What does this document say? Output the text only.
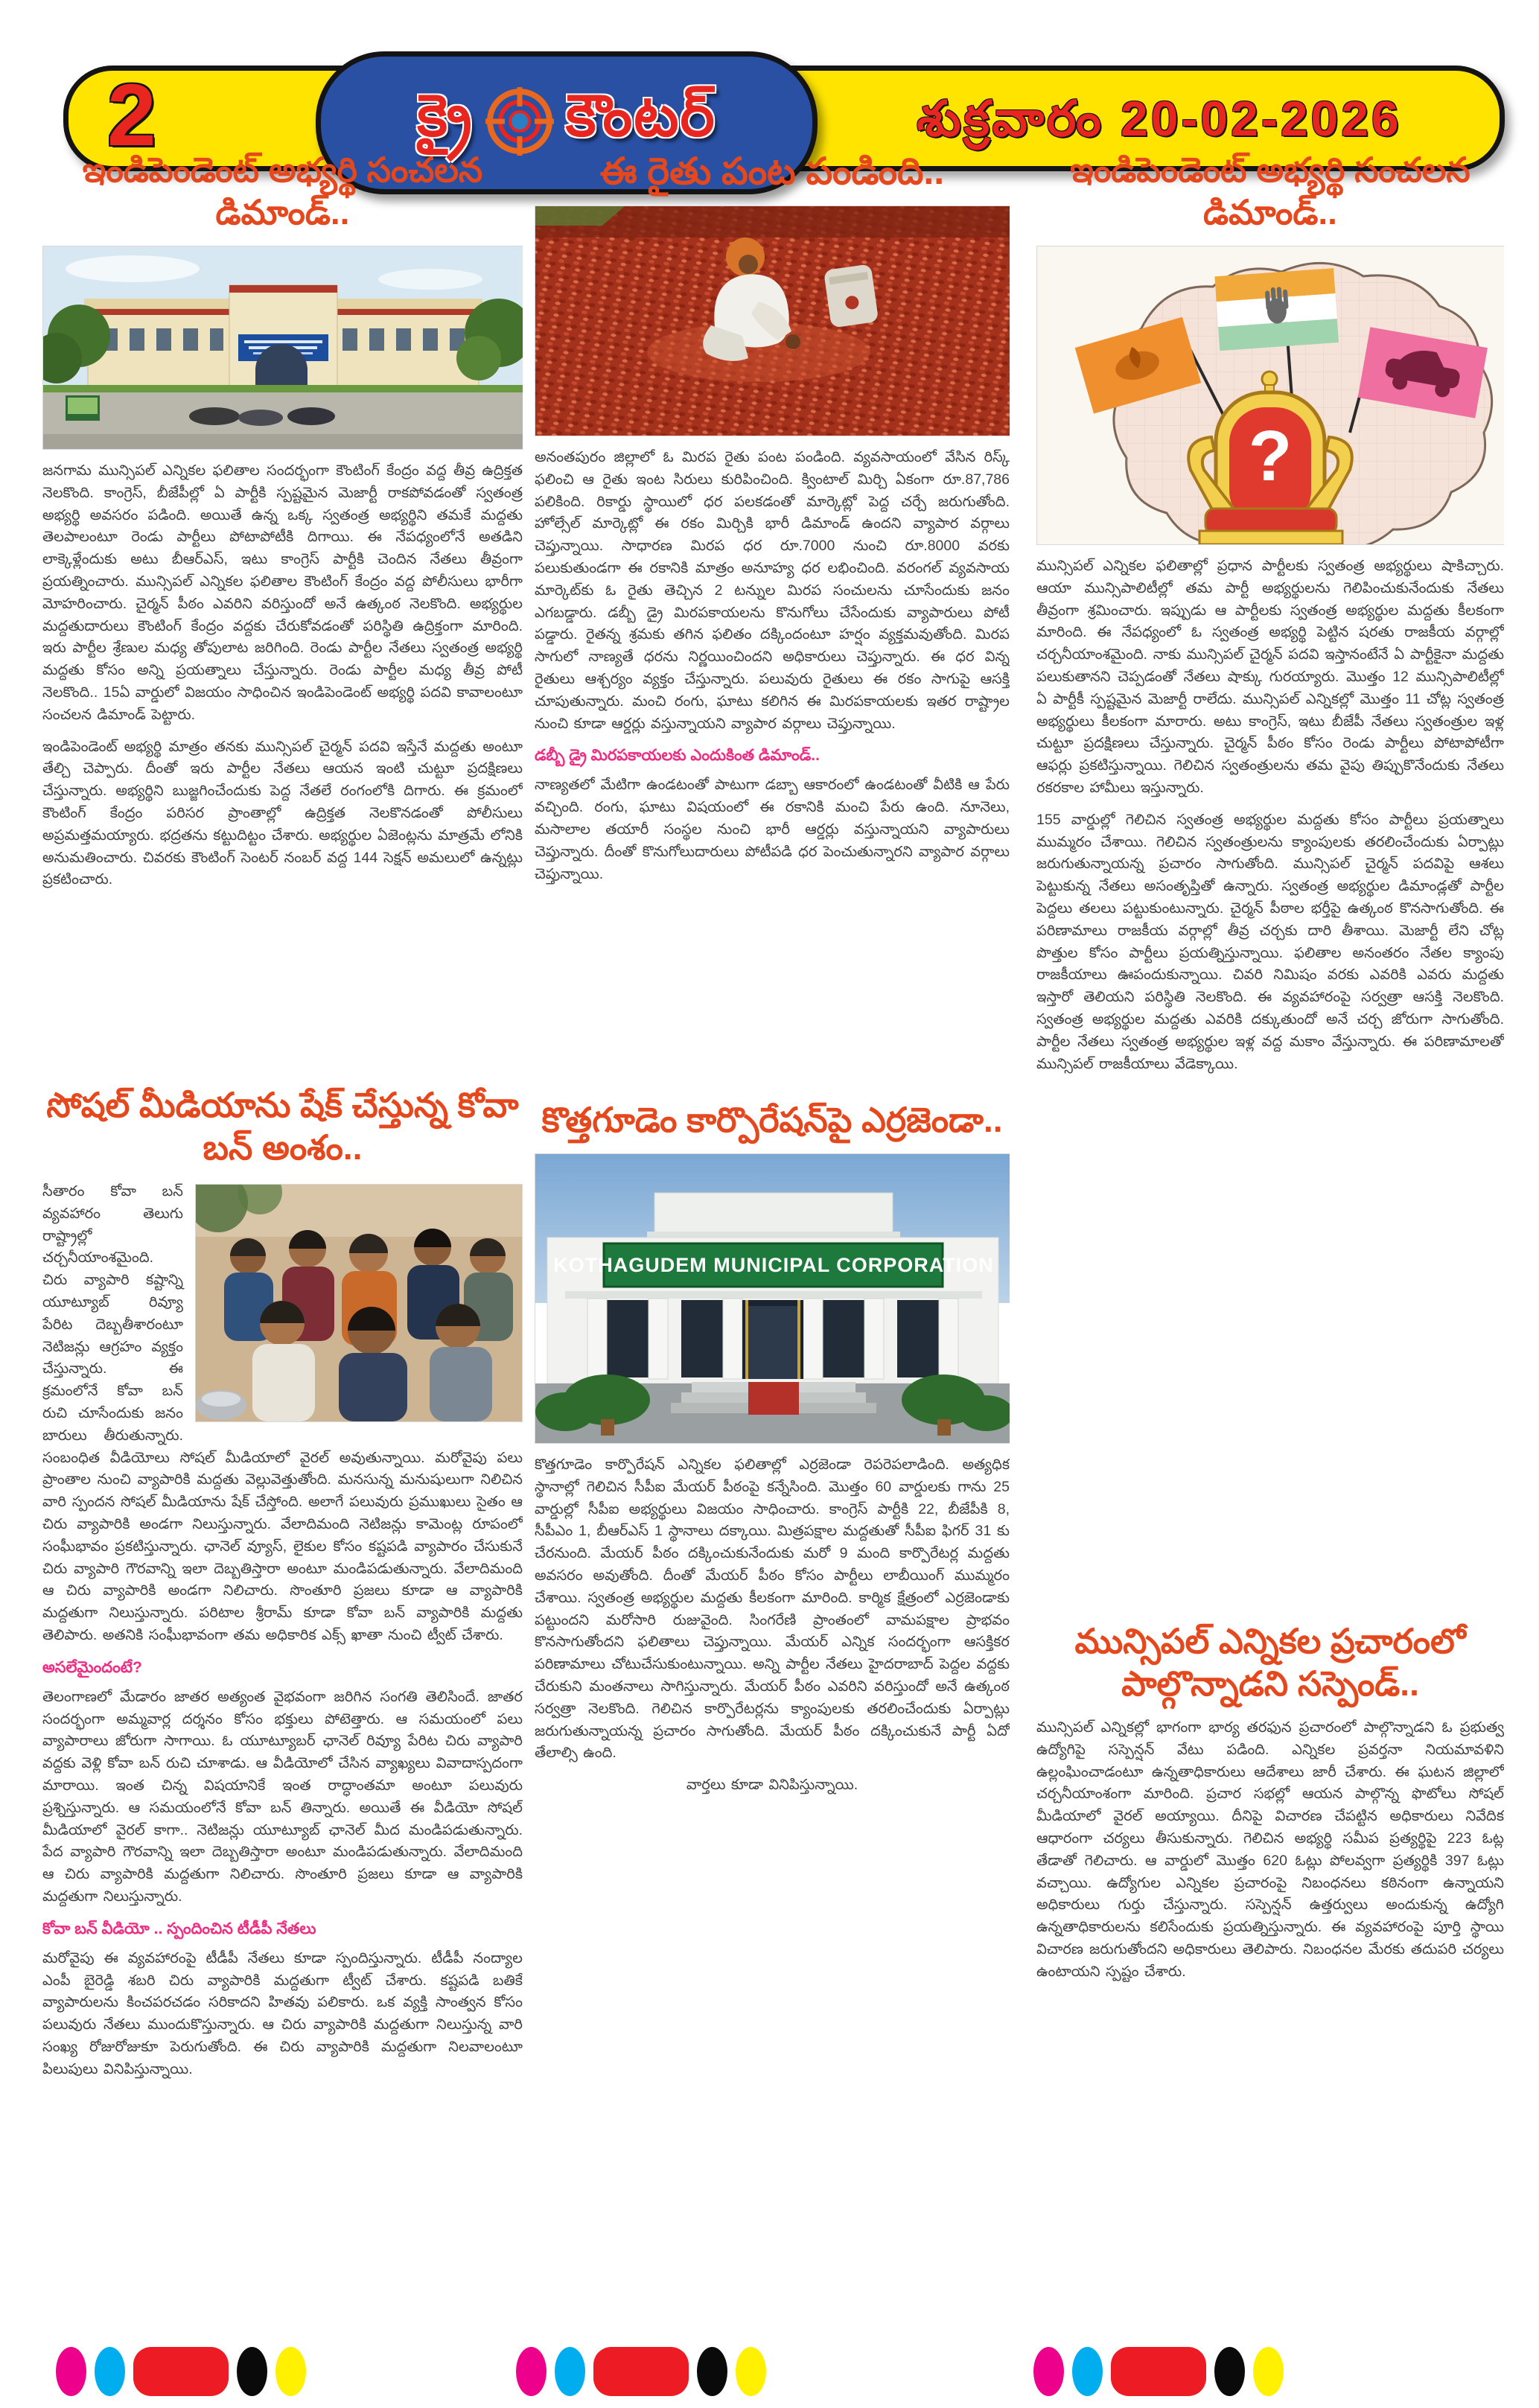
2	శుక్రవారం 20-02-2026
క్రై కౌంటర్
ఇండిపెండెంట్ అభ్యర్థి సంచలన డిమాండ్..

జనగామ మున్సిపల్ ఎన్నికల ఫలితాల సందర్భంగా కౌంటింగ్ కేంద్రం వద్ద తీవ్ర ఉద్రిక్తత నెలకొంది. కాంగ్రెస్, బీజేపీల్లో ఏ పార్టీకి స్పష్టమైన మెజార్టీ రాకపోవడంతో స్వతంత్ర అభ్యర్థి అవసరం పడింది. అయితే ఉన్న ఒక్క స్వతంత్ర అభ్యర్థిని తమకే మద్దతు తెలపాలంటూ రెండు పార్టీలు పోటాపోటీకి దిగాయి. ఈ నేపధ్యంలోనే అతడిని లాక్కెళ్లేందుకు అటు బీఆర్ఎస్, ఇటు కాంగ్రెస్ పార్టీకి చెందిన నేతలు తీవ్రంగా ప్రయత్నించారు. మున్సిపల్ ఎన్నికల ఫలితాల కౌంటింగ్ కేంద్రం వద్ద పోలీసులు భారీగా మోహరించారు. చైర్మన్ పీఠం ఎవరిని వరిస్తుందో అనే ఉత్కంఠ నెలకొంది. అభ్యర్థుల మద్దతుదారులు కౌంటింగ్ కేంద్రం వద్దకు చేరుకోవడంతో పరిస్థితి ఉద్రిక్తంగా మారింది. ఇరు పార్టీల శ్రేణుల మధ్య తోపులాట జరిగింది. రెండు పార్టీల నేతలు స్వతంత్ర అభ్యర్థి మద్దతు కోసం అన్ని ప్రయత్నాలు చేస్తున్నారు. రెండు పార్టీల మధ్య తీవ్ర పోటీ నెలకొంది.. 15ఏ వార్డులో విజయం సాధించిన ఇండిపెండెంట్ అభ్యర్థి పదవి కావాలంటూ సంచలన డిమాండ్ పెట్టారు.

ఇండిపెండెంట్ అభ్యర్థి మాత్రం తనకు మున్సిపల్ చైర్మన్ పదవి ఇస్తేనే మద్దతు అంటూ తేల్చి చెప్పారు. దీంతో ఇరు పార్టీల నేతలు ఆయన ఇంటి చుట్టూ ప్రదక్షిణలు చేస్తున్నారు. అభ్యర్థిని బుజ్జగించేందుకు పెద్ద నేతలే రంగంలోకి దిగారు. ఈ క్రమంలో కౌంటింగ్ కేంద్రం పరిసర ప్రాంతాల్లో ఉద్రిక్తత నెలకొనడంతో పోలీసులు అప్రమత్తమయ్యారు. భద్రతను కట్టుదిట్టం చేశారు. అభ్యర్థుల ఏజెంట్లను మాత్రమే లోనికి అనుమతించారు. చివరకు కౌంటింగ్ సెంటర్ నంబర్ వద్ద 144 సెక్షన్ అమలులో ఉన్నట్లు ప్రకటించారు.

సోషల్ మీడియాను షేక్ చేస్తున్న కోవా బన్ అంశం..

సీతారం కోవా బన్ వ్యవహారం తెలుగు రాష్ట్రాల్లో చర్చనీయాంశమైంది. చిరు వ్యాపారి కష్టాన్ని యూట్యూబ్ రివ్యూ పేరిట దెబ్బతీశారంటూ నెటిజన్లు ఆగ్రహం వ్యక్తం చేస్తున్నారు. ఈ క్రమంలోనే కోవా బన్ రుచి చూసేందుకు జనం బారులు తీరుతున్నారు. సంబంధిత వీడియోలు సోషల్ మీడియాలో వైరల్ అవుతున్నాయి. మరోవైపు పలు ప్రాంతాల నుంచి వ్యాపారికి మద్దతు వెల్లువెత్తుతోంది. మనసున్న మనుషులుగా నిలిచిన వారి స్పందన సోషల్ మీడియాను షేక్ చేస్తోంది. అలాగే పలువురు ప్రముఖులు సైతం ఆ చిరు వ్యాపారికి అండగా నిలుస్తున్నారు. వేలాదిమంది నెటిజన్లు కామెంట్ల రూపంలో సంఘీభావం ప్రకటిస్తున్నారు. ఛానెల్ వ్యూస్, లైకుల కోసం కష్టపడి వ్యాపారం చేసుకునే చిరు వ్యాపారి గౌరవాన్ని ఇలా దెబ్బతిస్తారా అంటూ మండిపడుతున్నారు. వేలాదిమంది ఆ చిరు వ్యాపారికి అండగా నిలిచారు. సొంతూరి ప్రజలు కూడా ఆ వ్యాపారికి మద్దతుగా నిలుస్తున్నారు. పరిటాల శ్రీరామ్ కూడా కోవా బన్ వ్యాపారికి మద్దతు తెలిపారు. అతనికి సంఘీభావంగా తమ అధికారిక ఎక్స్ ఖాతా నుంచి ట్వీట్ చేశారు.

అసలేమైందంటే?

తెలంగాణలో మేడారం జాతర అత్యంత వైభవంగా జరిగిన సంగతి తెలిసిందే. జాతర సందర్భంగా అమ్మవార్ల దర్శనం కోసం భక్తులు పోటెత్తారు. ఆ సమయంలో పలు వ్యాపారాలు జోరుగా సాగాయి. ఓ యూట్యూబర్ ఛానెల్ రివ్యూ పేరిట చిరు వ్యాపారి వద్దకు వెళ్లి కోవా బన్ రుచి చూశాడు. ఆ వీడియోలో చేసిన వ్యాఖ్యలు వివాదాస్పదంగా మారాయి. ఇంత చిన్న విషయానికే ఇంత రాద్ధాంతమా అంటూ పలువురు ప్రశ్నిస్తున్నారు. ఆ సమయంలోనే కోవా బన్ తిన్నారు. అయితే ఈ వీడియో సోషల్ మీడియాలో వైరల్ కాగా.. నెటిజన్లు యూట్యూబ్ ఛానెల్ మీద మండిపడుతున్నారు. పేద వ్యాపారి గౌరవాన్ని ఇలా దెబ్బతిస్తారా అంటూ మండిపడుతున్నారు. వేలాదిమంది ఆ చిరు వ్యాపారికి మద్దతుగా నిలిచారు. సొంతూరి ప్రజలు కూడా ఆ వ్యాపారికి మద్దతుగా నిలుస్తున్నారు.

కోవా బన్ వీడియో .. స్పందించిన టీడీపీ నేతలు

మరోవైపు ఈ వ్యవహారంపై టీడీపీ నేతలు కూడా స్పందిస్తున్నారు. టీడీపీ నంద్యాల ఎంపీ బైరెడ్డి శబరి చిరు వ్యాపారికి మద్దతుగా ట్వీట్ చేశారు. కష్టపడి బతికే వ్యాపారులను కించపరచడం సరికాదని హితవు పలికారు. ఒక వ్యక్తి సాంత్వన కోసం పలువురు నేతలు ముందుకొస్తున్నారు. ఆ చిరు వ్యాపారికి మద్దతుగా నిలుస్తున్న వారి సంఖ్య రోజురోజుకూ పెరుగుతోంది. ఈ చిరు వ్యాపారికి మద్దతుగా నిలవాలంటూ పిలుపులు వినిపిస్తున్నాయి.

ఈ రైతు పంట పండింది..

అనంతపురం జిల్లాలో ఓ మిరప రైతు పంట పండింది. వ్యవసాయంలో వేసిన రిస్క్ ఫలించి ఆ రైతు ఇంట సిరులు కురిపించింది. క్వింటాల్ మిర్చి ఏకంగా రూ.87,786 పలికింది. రికార్డు స్థాయిలో ధర పలకడంతో మార్కెట్లో పెద్ద చర్చే జరుగుతోంది. హోల్సేల్ మార్కెట్లో ఈ రకం మిర్చికి భారీ డిమాండ్ ఉందని వ్యాపార వర్గాలు చెప్తున్నాయి. సాధారణ మిరప ధర రూ.7000 నుంచి రూ.8000 వరకు పలుకుతుండగా ఈ రకానికి మాత్రం అనూహ్య ధర లభించింది. వరంగల్ వ్యవసాయ మార్కెట్‌కు ఓ రైతు తెచ్చిన 2 టన్నుల మిరప సంచులను చూసేందుకు జనం ఎగబడ్డారు. డబ్బీ డ్రై మిరపకాయలను కొనుగోలు చేసేందుకు వ్యాపారులు పోటీ పడ్డారు. రైతన్న శ్రమకు తగిన ఫలితం దక్కిందంటూ హర్షం వ్యక్తమవుతోంది. మిరప సాగులో నాణ్యతే ధరను నిర్ణయించిందని అధికారులు చెప్తున్నారు. ఈ ధర విన్న రైతులు ఆశ్చర్యం వ్యక్తం చేస్తున్నారు. పలువురు రైతులు ఈ రకం సాగుపై ఆసక్తి చూపుతున్నారు. మంచి రంగు, ఘాటు కలిగిన ఈ మిరపకాయలకు ఇతర రాష్ట్రాల నుంచి కూడా ఆర్డర్లు వస్తున్నాయని వ్యాపార వర్గాలు చెప్తున్నాయి.

డబ్బీ డ్రై మిరపకాయలకు ఎందుకింత డిమాండ్..

నాణ్యతలో మేటిగా ఉండటంతో పాటుగా డబ్బా ఆకారంలో ఉండటంతో వీటికి ఆ పేరు వచ్చింది. రంగు, ఘాటు విషయంలో ఈ రకానికి మంచి పేరు ఉంది. నూనెలు, మసాలాల తయారీ సంస్థల నుంచి భారీ ఆర్డర్లు వస్తున్నాయని వ్యాపారులు చెప్తున్నారు. దీంతో కొనుగోలుదారులు పోటీపడి ధర పెంచుతున్నారని వ్యాపార వర్గాలు చెప్తున్నాయి.

కొత్తగూడెం కార్పొరేషన్‌పై ఎర్రజెండా..
KOTHAGUDEM MUNICIPAL CORPORATION

కొత్తగూడెం కార్పొరేషన్ ఎన్నికల ఫలితాల్లో ఎర్రజెండా రెపరెపలాడింది. అత్యధిక స్థానాల్లో గెలిచిన సీపీఐ మేయర్ పీఠంపై కన్నేసింది. మొత్తం 60 వార్డులకు గాను 25 వార్డుల్లో సీపీఐ అభ్యర్థులు విజయం సాధించారు. కాంగ్రెస్ పార్టీకి 22, బీజేపీకి 8, సీపీఎం 1, బీఆర్ఎస్ 1 స్థానాలు దక్కాయి. మిత్రపక్షాల మద్దతుతో సీపీఐ ఫిగర్ 31 కు చేరనుంది. మేయర్ పీఠం దక్కించుకునేందుకు మరో 9 మంది కార్పొరేటర్ల మద్దతు అవసరం అవుతోంది. దీంతో మేయర్ పీఠం కోసం పార్టీలు లాబీయింగ్ ముమ్మరం చేశాయి. స్వతంత్ర అభ్యర్థుల మద్దతు కీలకంగా మారింది. కార్మిక క్షేత్రంలో ఎర్రజెండాకు పట్టుందని మరోసారి రుజువైంది. సింగరేణి ప్రాంతంలో వామపక్షాల ప్రాభవం కొనసాగుతోందని ఫలితాలు చెప్తున్నాయి. మేయర్ ఎన్నిక సందర్భంగా ఆసక్తికర పరిణామాలు చోటుచేసుకుంటున్నాయి. అన్ని పార్టీల నేతలు హైదరాబాద్ పెద్దల వద్దకు చేరుకుని మంతనాలు సాగిస్తున్నారు. మేయర్ పీఠం ఎవరిని వరిస్తుందో అనే ఉత్కంఠ సర్వత్రా నెలకొంది. గెలిచిన కార్పొరేటర్లను క్యాంపులకు తరలించేందుకు ఏర్పాట్లు జరుగుతున్నాయన్న ప్రచారం సాగుతోంది. మేయర్ పీఠం దక్కించుకునే పార్టీ ఏదో తేలాల్సి ఉంది.

వార్తలు కూడా వినిపిస్తున్నాయి.

ఇండిపెండెంట్ అభ్యర్థి సంచలన డిమాండ్..
?

మున్సిపల్ ఎన్నికల ఫలితాల్లో ప్రధాన పార్టీలకు స్వతంత్ర అభ్యర్థులు షాకిచ్చారు. ఆయా మున్సిపాలిటీల్లో తమ పార్టీ అభ్యర్థులను గెలిపించుకునేందుకు నేతలు తీవ్రంగా శ్రమించారు. ఇప్పుడు ఆ పార్టీలకు స్వతంత్ర అభ్యర్థుల మద్దతు కీలకంగా మారింది. ఈ నేపధ్యంలో ఓ స్వతంత్ర అభ్యర్థి పెట్టిన షరతు రాజకీయ వర్గాల్లో చర్చనీయాంశమైంది. నాకు మున్సిపల్ చైర్మన్ పదవి ఇస్తానంటేనే ఏ పార్టీకైనా మద్దతు పలుకుతానని చెప్పడంతో నేతలు షాక్కు గురయ్యారు. మొత్తం 12 మున్సిపాలిటీల్లో ఏ పార్టీకీ స్పష్టమైన మెజార్టీ రాలేదు. మున్సిపల్ ఎన్నికల్లో మొత్తం 11 చోట్ల స్వతంత్ర అభ్యర్థులు కీలకంగా మారారు. అటు కాంగ్రెస్, ఇటు బీజేపీ నేతలు స్వతంత్రుల ఇళ్ల చుట్టూ ప్రదక్షిణలు చేస్తున్నారు. చైర్మన్ పీఠం కోసం రెండు పార్టీలు పోటాపోటీగా ఆఫర్లు ప్రకటిస్తున్నాయి. గెలిచిన స్వతంత్రులను తమ వైపు తిప్పుకొనేందుకు నేతలు రకరకాల హామీలు ఇస్తున్నారు.

155 వార్డుల్లో గెలిచిన స్వతంత్ర అభ్యర్థుల మద్దతు కోసం పార్టీలు ప్రయత్నాలు ముమ్మరం చేశాయి. గెలిచిన స్వతంత్రులను క్యాంపులకు తరలించేందుకు ఏర్పాట్లు జరుగుతున్నాయన్న ప్రచారం సాగుతోంది. మున్సిపల్ చైర్మన్ పదవిపై ఆశలు పెట్టుకున్న నేతలు అసంతృప్తితో ఉన్నారు. స్వతంత్ర అభ్యర్థుల డిమాండ్లతో పార్టీల పెద్దలు తలలు పట్టుకుంటున్నారు. చైర్మన్ పీఠాల భర్తీపై ఉత్కంఠ కొనసాగుతోంది. ఈ పరిణామాలు రాజకీయ వర్గాల్లో తీవ్ర చర్చకు దారి తీశాయి. మెజార్టీ లేని చోట్ల పొత్తుల కోసం పార్టీలు ప్రయత్నిస్తున్నాయి. ఫలితాల అనంతరం నేతల క్యాంపు రాజకీయాలు ఊపందుకున్నాయి. చివరి నిమిషం వరకు ఎవరికి ఎవరు మద్దతు ఇస్తారో తెలియని పరిస్థితి నెలకొంది. ఈ వ్యవహారంపై సర్వత్రా ఆసక్తి నెలకొంది. స్వతంత్ర అభ్యర్థుల మద్దతు ఎవరికి దక్కుతుందో అనే చర్చ జోరుగా సాగుతోంది. పార్టీల నేతలు స్వతంత్ర అభ్యర్థుల ఇళ్ల వద్ద మకాం వేస్తున్నారు. ఈ పరిణామాలతో మున్సిపల్ రాజకీయాలు వేడెక్కాయి.

మున్సిపల్ ఎన్నికల ప్రచారంలో పాల్గొన్నాడని సస్పెండ్..

మున్సిపల్ ఎన్నికల్లో భాగంగా భార్య తరఫున ప్రచారంలో పాల్గొన్నాడని ఓ ప్రభుత్వ ఉద్యోగిపై సస్పెన్షన్ వేటు పడింది. ఎన్నికల ప్రవర్తనా నియమావళిని ఉల్లంఘించాడంటూ ఉన్నతాధికారులు ఆదేశాలు జారీ చేశారు. ఈ ఘటన జిల్లాలో చర్చనీయాంశంగా మారింది. ప్రచార సభల్లో ఆయన పాల్గొన్న ఫొటోలు సోషల్ మీడియాలో వైరల్ అయ్యాయి. దీనిపై విచారణ చేపట్టిన అధికారులు నివేదిక ఆధారంగా చర్యలు తీసుకున్నారు. గెలిచిన అభ్యర్థి సమీప ప్రత్యర్థిపై 223 ఓట్ల తేడాతో గెలిచారు. ఆ వార్డులో మొత్తం 620 ఓట్లు పోలవ్వగా ప్రత్యర్థికి 397 ఓట్లు వచ్చాయి. ఉద్యోగుల ఎన్నికల ప్రచారంపై నిబంధనలు కఠినంగా ఉన్నాయని అధికారులు గుర్తు చేస్తున్నారు. సస్పెన్షన్ ఉత్తర్వులు అందుకున్న ఉద్యోగి ఉన్నతాధికారులను కలిసేందుకు ప్రయత్నిస్తున్నారు. ఈ వ్యవహారంపై పూర్తి స్థాయి విచారణ జరుగుతోందని అధికారులు తెలిపారు. నిబంధనల మేరకు తదుపరి చర్యలు ఉంటాయని స్పష్టం చేశారు.
